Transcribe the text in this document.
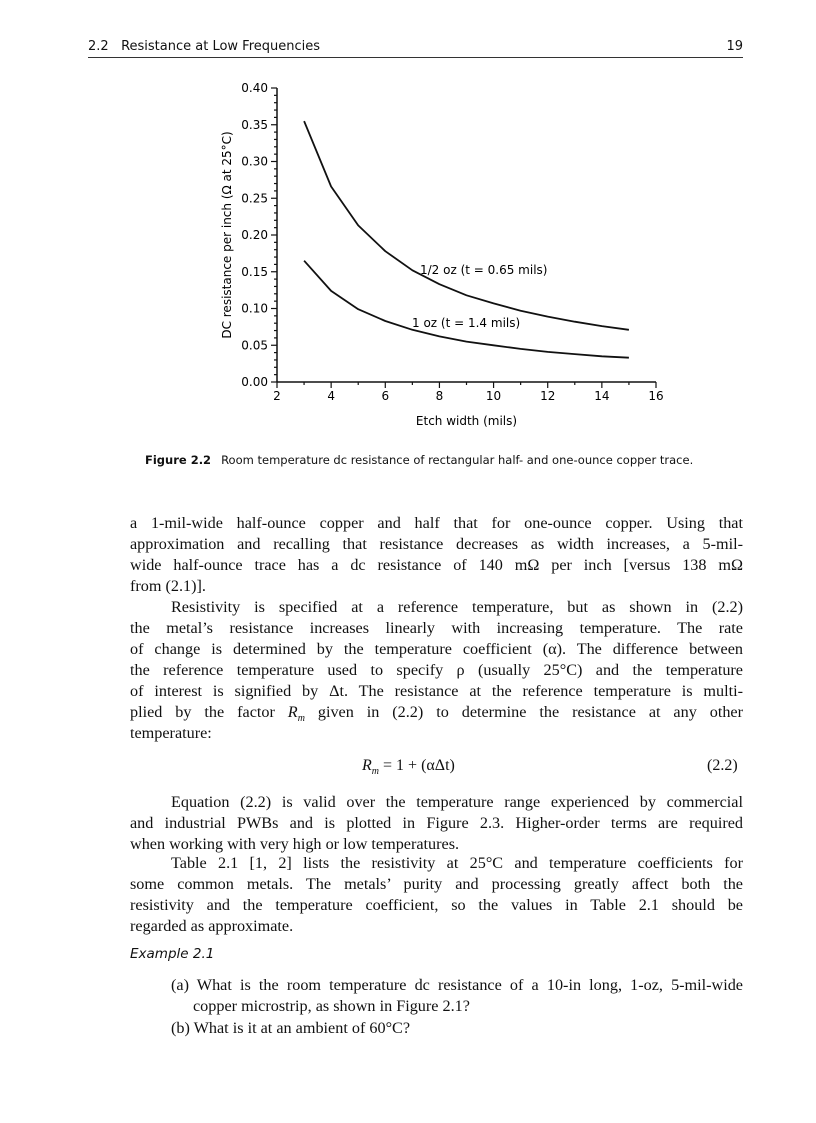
2.2   Resistance at Low Frequencies	19
2	4	6	8	10	12	14	16
0.00
0.05
0.10
0.15
0.20
0.25
0.30
0.35
0.40
Etch width (mils)
DC resistance per inch (Ω at 25°C)	1/2 oz (t = 0.65 mils)
1 oz (t = 1.4 mils)
Figure 2.2 Room temperature dc resistance of rectangular half- and one-ounce copper trace.
a 1-mil-wide half-ounce copper and half that for one-ounce copper. Using that
approximation and recalling that resistance decreases as width increases, a 5-mil-
wide half-ounce trace has a dc resistance of 140 mΩ per inch [versus 138 mΩ
from (2.1)].
Resistivity is specified at a reference temperature, but as shown in (2.2)
the metal’s resistance increases linearly with increasing temperature. The rate
of change is determined by the temperature coefficient (α). The difference between
the reference temperature used to specify ρ (usually 25°C) and the temperature
of interest is signified by Δt. The resistance at the reference temperature is multi-
plied by the factor $R_m$ given in (2.2) to determine the resistance at any other
temperature:
$R_m = 1 + (\alpha\Delta t)$	(2.2)
Equation (2.2) is valid over the temperature range experienced by commercial
and industrial PWBs and is plotted in Figure 2.3. Higher-order terms are required
when working with very high or low temperatures.
Table 2.1 [1, 2] lists the resistivity at 25°C and temperature coefficients for
some common metals. The metals’ purity and processing greatly affect both the
resistivity and the temperature coefficient, so the values in Table 2.1 should be
regarded as approximate.
Example 2.1
(a) What is the room temperature dc resistance of a 10-in long, 1-oz, 5-mil-wide
copper microstrip, as shown in Figure 2.1?
(b) What is it at an ambient of 60°C?
